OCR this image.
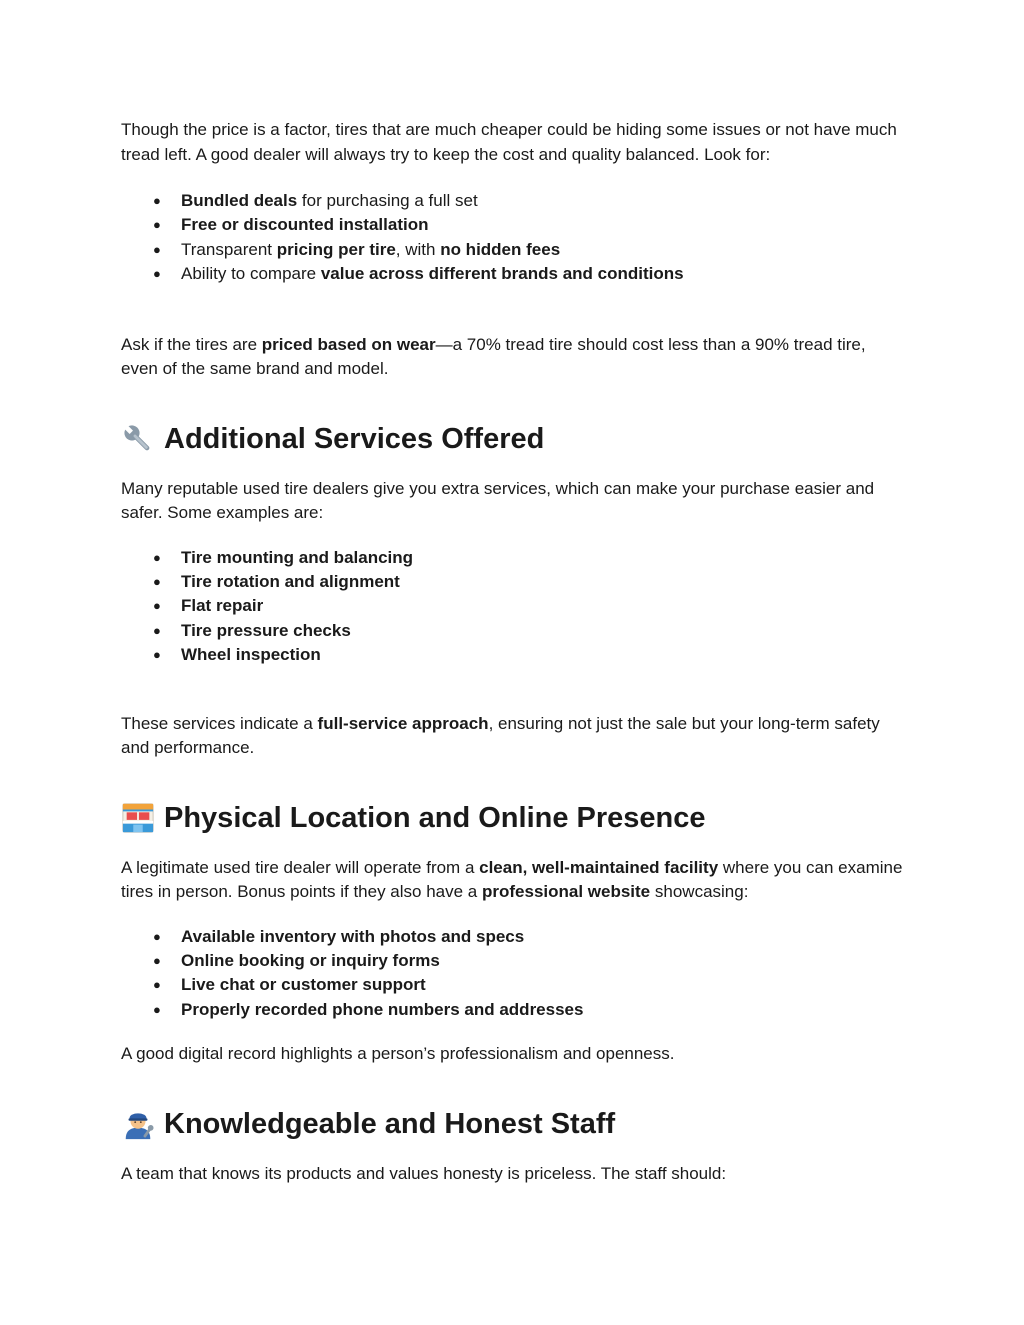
Though the price is a factor, tires that are much cheaper could be hiding some issues or not have much tread left. A good dealer will always try to keep the cost and quality balanced. Look for:

● Bundled deals for purchasing a full set
● Free or discounted installation
● Transparent pricing per tire, with no hidden fees
● Ability to compare value across different brands and conditions

Ask if the tires are priced based on wear—a 70% tread tire should cost less than a 90% tread tire, even of the same brand and model.

Additional Services Offered

Many reputable used tire dealers give you extra services, which can make your purchase easier and safer. Some examples are:

● Tire mounting and balancing
● Tire rotation and alignment
● Flat repair
● Tire pressure checks
● Wheel inspection

These services indicate a full-service approach, ensuring not just the sale but your long-term safety and performance.

Physical Location and Online Presence

A legitimate used tire dealer will operate from a clean, well-maintained facility where you can examine tires in person. Bonus points if they also have a professional website showcasing:

● Available inventory with photos and specs
● Online booking or inquiry forms
● Live chat or customer support
● Properly recorded phone numbers and addresses

A good digital record highlights a person’s professionalism and openness.

Knowledgeable and Honest Staff

A team that knows its products and values honesty is priceless. The staff should:
